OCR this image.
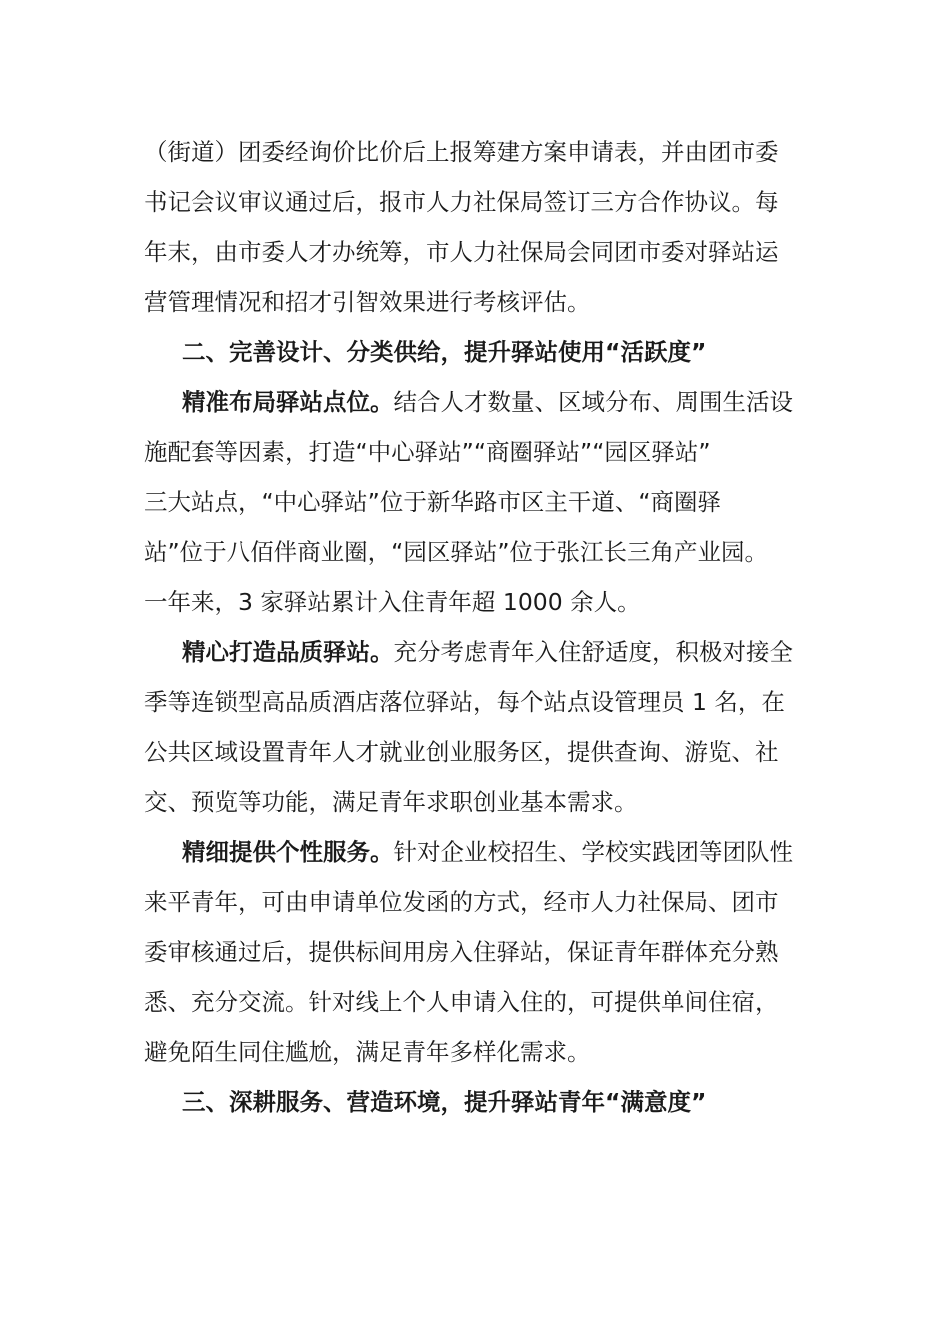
（街道）团委经询价比价后上报筹建方案申请表，并由团市委
书记会议审议通过后，报市人力社保局签订三方合作协议。每
年末，由市委人才办统筹，市人力社保局会同团市委对驿站运
营管理情况和招才引智效果进行考核评估。
二、完善设计、分类供给，提升驿站使用“活跃度”
精准布局驿站点位。结合人才数量、区域分布、周围生活设
施配套等因素，打造“中心驿站”“商圈驿站”“园区驿站”
三大站点，“中心驿站”位于新华路市区主干道、“商圈驿
站”位于八佰伴商业圈，“园区驿站”位于张江长三角产业园。
一年来，3 家驿站累计入住青年超 1000 余人。
精心打造品质驿站。充分考虑青年入住舒适度，积极对接全
季等连锁型高品质酒店落位驿站，每个站点设管理员 1 名，在
公共区域设置青年人才就业创业服务区，提供查询、游览、社
交、预览等功能，满足青年求职创业基本需求。
精细提供个性服务。针对企业校招生、学校实践团等团队性
来平青年，可由申请单位发函的方式，经市人力社保局、团市
委审核通过后，提供标间用房入住驿站，保证青年群体充分熟
悉、充分交流。针对线上个人申请入住的，可提供单间住宿，
避免陌生同住尴尬，满足青年多样化需求。
三、深耕服务、营造环境，提升驿站青年“满意度”
